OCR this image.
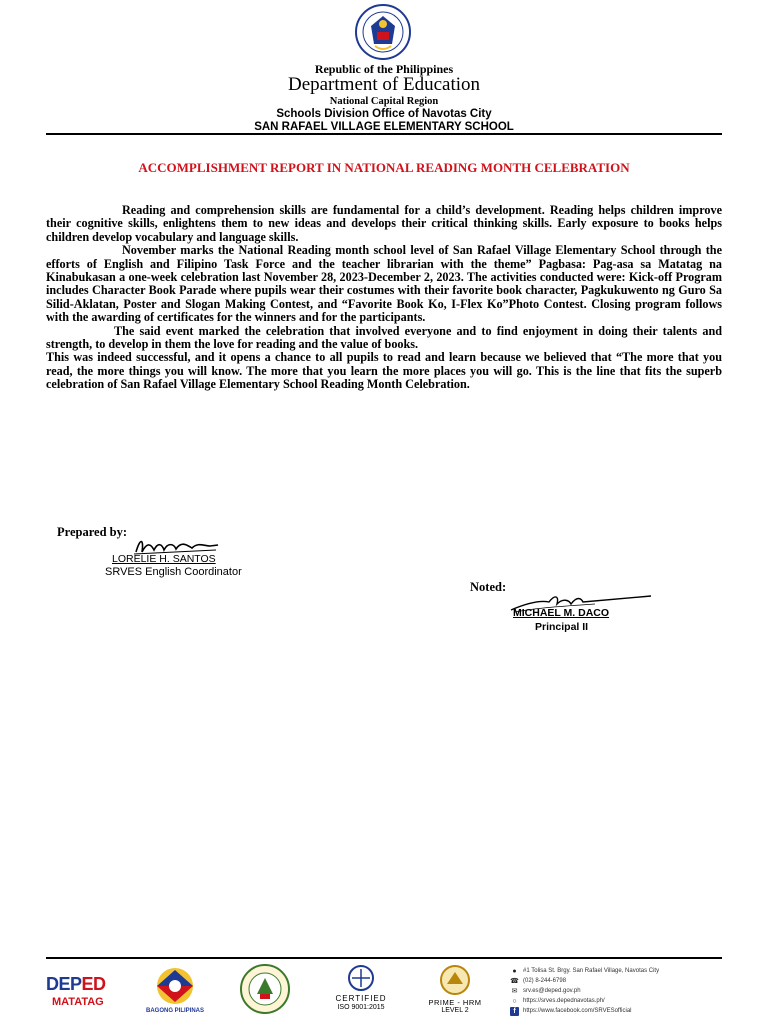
Republic of the Philippines
Department of Education
National Capital Region
Schools Division Office of Navotas City
SAN RAFAEL VILLAGE ELEMENTARY SCHOOL
ACCOMPLISHMENT REPORT IN NATIONAL READING MONTH CELEBRATION

Reading and comprehension skills are fundamental for a child’s development. Reading helps children improve their cognitive skills, enlightens them to new ideas and develops their critical thinking skills. Early exposure to books helps children develop vocabulary and language skills.

November marks the National Reading month school level of San Rafael Village Elementary School through the efforts of English and Filipino Task Force and the teacher librarian with the theme” Pagbasa: Pag-asa sa Matatag na Kinabukasan a one-week celebration last November 28, 2023-December 2, 2023. The activities conducted were: Kick-off Program includes Character Book Parade where pupils wear their costumes with their favorite book character, Pagkukuwento ng Guro Sa Silid-Aklatan, Poster and Slogan Making Contest, and “Favorite Book Ko, I-Flex Ko”Photo Contest. Closing program follows with the awarding of certificates for the winners and for the participants.

The said event marked the celebration that involved everyone and to find enjoyment in doing their talents and strength, to develop in them the love for reading and the value of books.

This was indeed successful, and it opens a chance to all pupils to read and learn because we believed that “The more that you read, the more things you will know. The more that you learn the more places you will go. This is the line that fits the superb celebration of San Rafael Village Elementary School Reading Month Celebration.

Prepared by:
LORELIE H. SANTOS
SRVES English Coordinator
Noted:
MICHAEL M. DACO
Principal II
DEPED
MATATAG
BAGONG PILIPINAS
CERTIFIED
ISO 9001:2015
PRIME - HRM
LEVEL 2
●	#1 Tolisa St. Brgy. San Rafael Village, Navotas City
☎ (02) 8-244-6798
✉ srv.es@deped.gov.ph
○	https://srves.depednavotas.ph/
f	https://www.facebook.com/SRVESofficial
